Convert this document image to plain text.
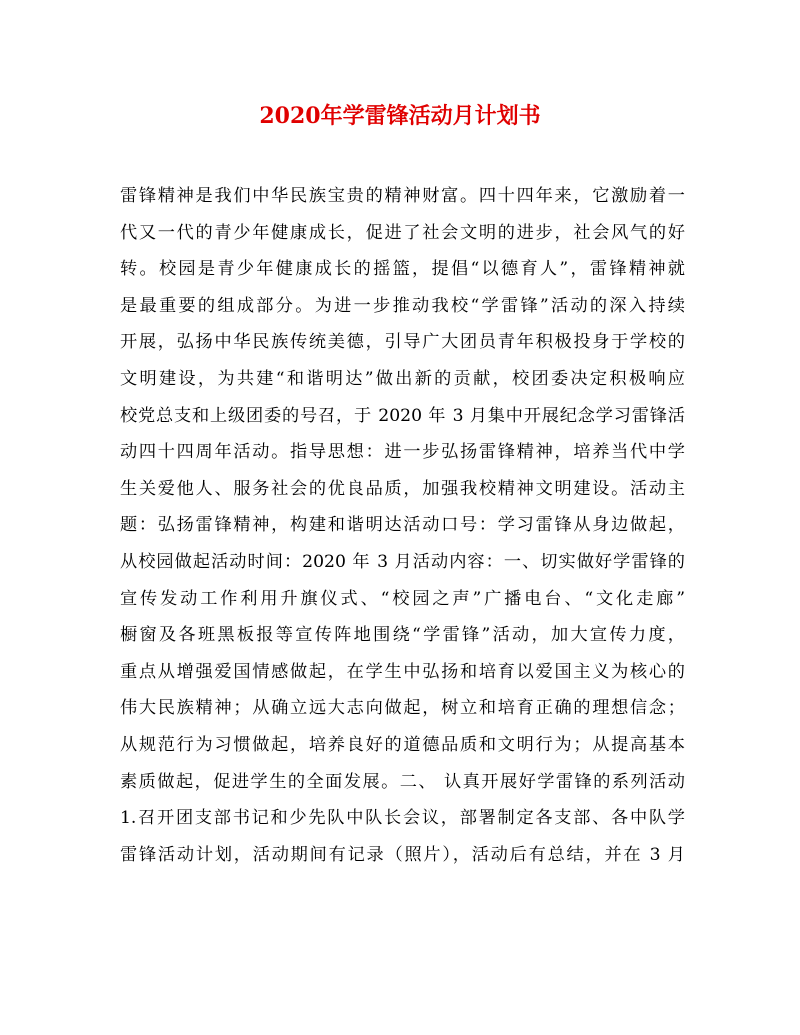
2020年学雷锋活动月计划书
雷锋精神是我们中华民族宝贵的精神财富。四十四年来，它激励着一
代又一代的青少年健康成长，促进了社会文明的进步，社会风气的好
转。校园是青少年健康成长的摇篮，提倡“以德育人”，雷锋精神就
是最重要的组成部分。为进一步推动我校“学雷锋”活动的深入持续
开展，弘扬中华民族传统美德，引导广大团员青年积极投身于学校的
文明建设，为共建“和谐明达”做出新的贡献，校团委决定积极响应
校党总支和上级团委的号召，于 2020 年 3 月集中开展纪念学习雷锋活
动四十四周年活动。指导思想：进一步弘扬雷锋精神，培养当代中学
生关爱他人、服务社会的优良品质，加强我校精神文明建设。活动主
题：弘扬雷锋精神，构建和谐明达活动口号：学习雷锋从身边做起，
从校园做起活动时间：2020 年 3 月活动内容：一、切实做好学雷锋的
宣传发动工作利用升旗仪式、“校园之声”广播电台、“文化走廊”
橱窗及各班黑板报等宣传阵地围绕“学雷锋”活动，加大宣传力度，
重点从增强爱国情感做起，在学生中弘扬和培育以爱国主义为核心的
伟大民族精神；从确立远大志向做起，树立和培育正确的理想信念；
从规范行为习惯做起，培养良好的道德品质和文明行为；从提高基本
素质做起，促进学生的全面发展。二、 认真开展好学雷锋的系列活动
1.召开团支部书记和少先队中队长会议，部署制定各支部、各中队学
雷锋活动计划，活动期间有记录（照片），活动后有总结，并在 3 月
